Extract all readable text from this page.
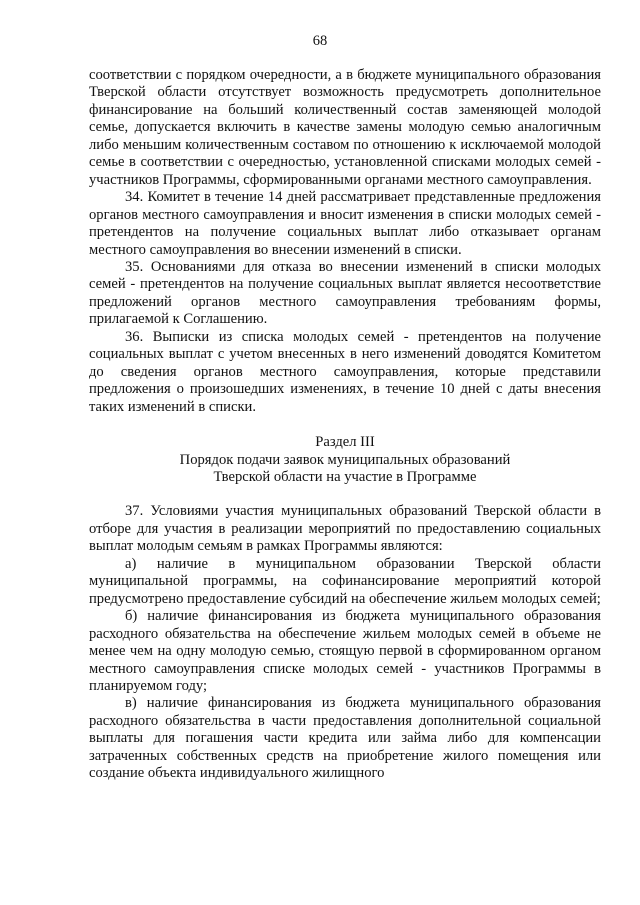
68

соответствии с порядком очередности, а в бюджете муниципального образования Тверской области отсутствует возможность предусмотреть дополнительное финансирование на больший количественный состав заменяющей молодой семье, допускается включить в качестве замены молодую семью аналогичным либо меньшим количественным составом по отношению к исключаемой молодой семье в соответствии с очередностью, установленной списками молодых семей - участников Программы, сформированными органами местного самоуправления.

34. Комитет в течение 14 дней рассматривает представленные предложения органов местного самоуправления и вносит изменения в списки молодых семей - претендентов на получение социальных выплат либо отказывает органам местного самоуправления во внесении изменений в списки.

35. Основаниями для отказа во внесении изменений в списки молодых семей - претендентов на получение социальных выплат является несоответствие предложений органов местного самоуправления требованиям формы, прилагаемой к Соглашению.

36. Выписки из списка молодых семей - претендентов на получение социальных выплат с учетом внесенных в него изменений доводятся Комитетом до сведения органов местного самоуправления, которые представили предложения о произошедших изменениях, в течение 10 дней с даты внесения таких изменений в списки.

Раздел III

Порядок подачи заявок муниципальных образований

Тверской области на участие в Программе

37. Условиями участия муниципальных образований Тверской области в отборе для участия в реализации мероприятий по предоставлению социальных выплат молодым семьям в рамках Программы являются:

а) наличие в муниципальном образовании Тверской области муниципальной программы, на софинансирование мероприятий которой предусмотрено предоставление субсидий на обеспечение жильем молодых семей;

б) наличие финансирования из бюджета муниципального образования расходного обязательства на обеспечение жильем молодых семей в объеме не менее чем на одну молодую семью, стоящую первой в сформированном органом местного самоуправления списке молодых семей - участников Программы в планируемом году;

в) наличие финансирования из бюджета муниципального образования расходного обязательства в части предоставления дополнительной социальной выплаты для погашения части кредита или займа либо для компенсации затраченных собственных средств на приобретение жилого помещения или создание объекта индивидуального жилищного
